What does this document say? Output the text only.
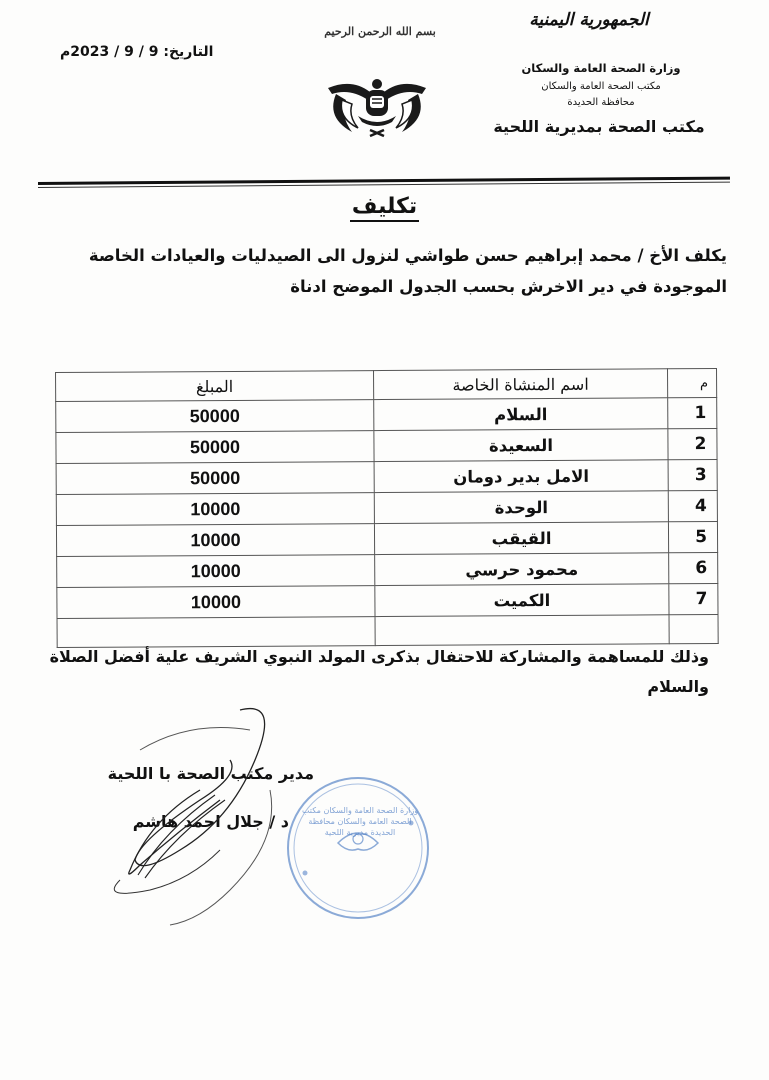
الجمهورية اليمنية
وزارة الصحة العامة والسكان
مكتب الصحة العامة والسكان
محافظة الحديدة
مكتب الصحة بمديرية اللحية
بسم الله الرحمن الرحيم
التاريخ: 9 / 9 / 2023م
تكليف
يكلف الأخ / محمد إبراهيم حسن طواشي لنزول الى الصيدليات والعيادات الخاصة الموجودة في دير الاخرش بحسب الجدول الموضح ادناة
م	اسم المنشاة الخاصة	المبلغ
1	السلام	50000
2	السعيدة	50000
3	الامل بدير دومان	50000
4	الوحدة	10000
5	القيقب	10000
6	محمود حرسي	10000
7	الكميت	10000

وذلك للمساهمة والمشاركة للاحتفال بذكرى المولد النبوي الشريف علية أفضل الصلاة والسلام
وزارة الصحة العامة والسكان مكتب الصحة العامة والسكان محافظة الحديدة مديرية اللحية
مدير مكتب الصحة با اللحية
د / جلال احمد هاشم
